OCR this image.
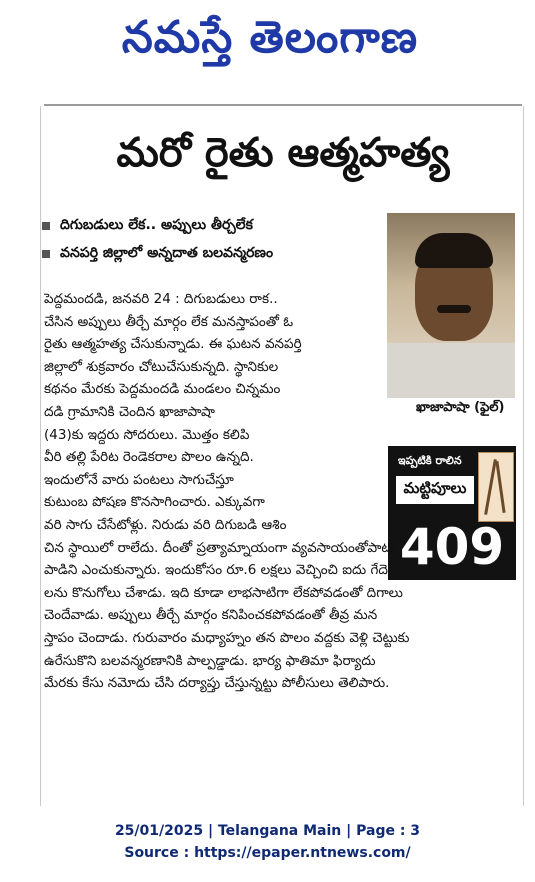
నమస్తే తెలంగాణ
మరో రైతు ఆత్మహత్య
దిగుబడులు లేక.. అప్పులు తీర్చలేక
వనపర్తి జిల్లాలో అన్నదాత బలవన్మరణం
ఖాజాపాషా (ఫైల్)
ఇప్పటికి రాలిన
మట్టిపూలు
409

పెద్దమందడి, జనవరి 24 : దిగుబడులు రాక..

చేసిన అప్పులు తీర్చే మార్గం లేక మనస్తాపంతో ఓ

రైతు ఆత్మహత్య చేసుకున్నాడు. ఈ ఘటన వనపర్తి

జిల్లాలో శుక్రవారం చోటుచేసుకున్నది. స్థానికుల

కథనం మేరకు పెద్దమందడి మండలం చిన్నమం

దడి గ్రామానికి చెందిన ఖాజాపాషా

(43)కు ఇద్దరు సోదరులు. మొత్తం కలిపి

వీరి తల్లి పేరిట రెండెకరాల పొలం ఉన్నది.

ఇందులోనే వారు పంటలు సాగుచేస్తూ

కుటుంబ పోషణ కొనసాగించారు. ఎక్కువగా

వరి సాగు చేసేటోళ్లు. నిరుడు వరి దిగుబడి ఆశిం

చిన స్థాయిలో రాలేదు. దీంతో ప్రత్యామ్నాయంగా వ్యవసాయంతోపాటు

పాడిని ఎంచుకున్నారు. ఇందుకోసం రూ.6 లక్షలు వెచ్చించి ఐదు గేదె

లను కొనుగోలు చేశాడు. ఇది కూడా లాభసాటిగా లేకపోవడంతో దిగాలు

చెందేవాడు. అప్పులు తీర్చే మార్గం కనిపించకపోవడంతో తీవ్ర మన

స్తాపం చెందాడు. గురువారం మధ్యాహ్నం తన పొలం వద్దకు వెళ్లి చెట్టుకు

ఉరేసుకొని బలవన్మరణానికి పాల్పడ్డాడు. భార్య ఫాతిమా ఫిర్యాదు

మేరకు కేసు నమోదు చేసి దర్యాప్తు చేస్తున్నట్టు పోలీసులు తెలిపారు.

25/01/2025 | Telangana Main | Page : 3
Source : https://epaper.ntnews.com/
